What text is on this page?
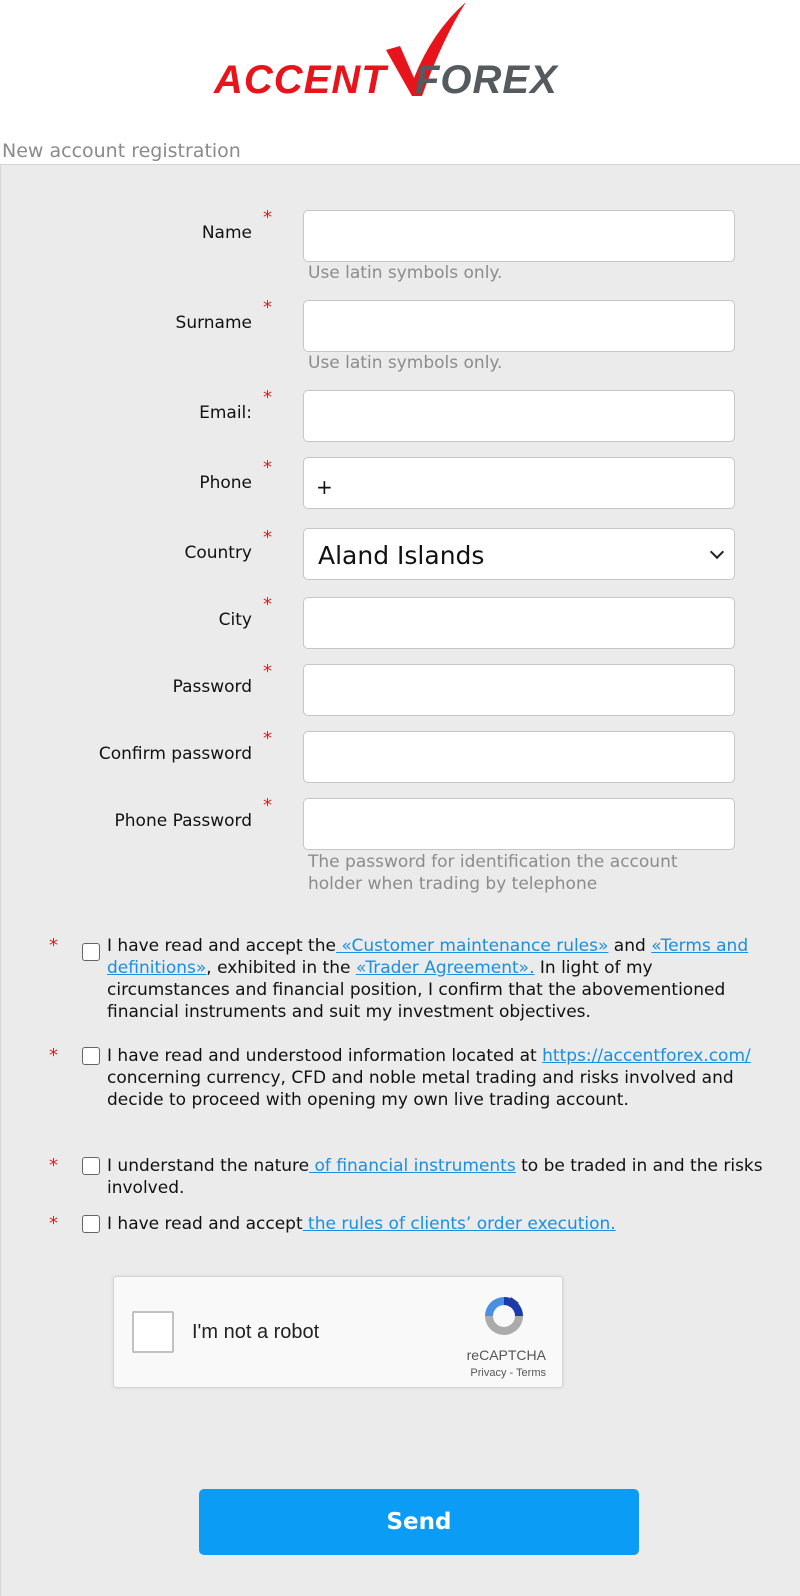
ACCENT FOREX
New account registration
Name
*
Use latin symbols only.
Surname
*
Use latin symbols only.
Email:
*
Phone
*
+
Country
*
Aland Islands
City
*
Password
*
Confirm password
*
Phone Password
*
The password for identification the account holder when trading by telephone
*	I have read and accept the «Customer maintenance rules» and «Terms and definitions», exhibited in the «Trader Agreement». In light of my circumstances and financial position, I confirm that the abovementioned financial instruments and suit my investment objectives.
*	I have read and understood information located at https://accentforex.com/ concerning currency, CFD and noble metal trading and risks involved and decide to proceed with opening my own live trading account.
*	I understand the nature of financial instruments to be traded in and the risks involved.
*	I have read and accept the rules of clients’ order execution.
I'm not a robot
reCAPTCHA
Privacy - Terms
Send
